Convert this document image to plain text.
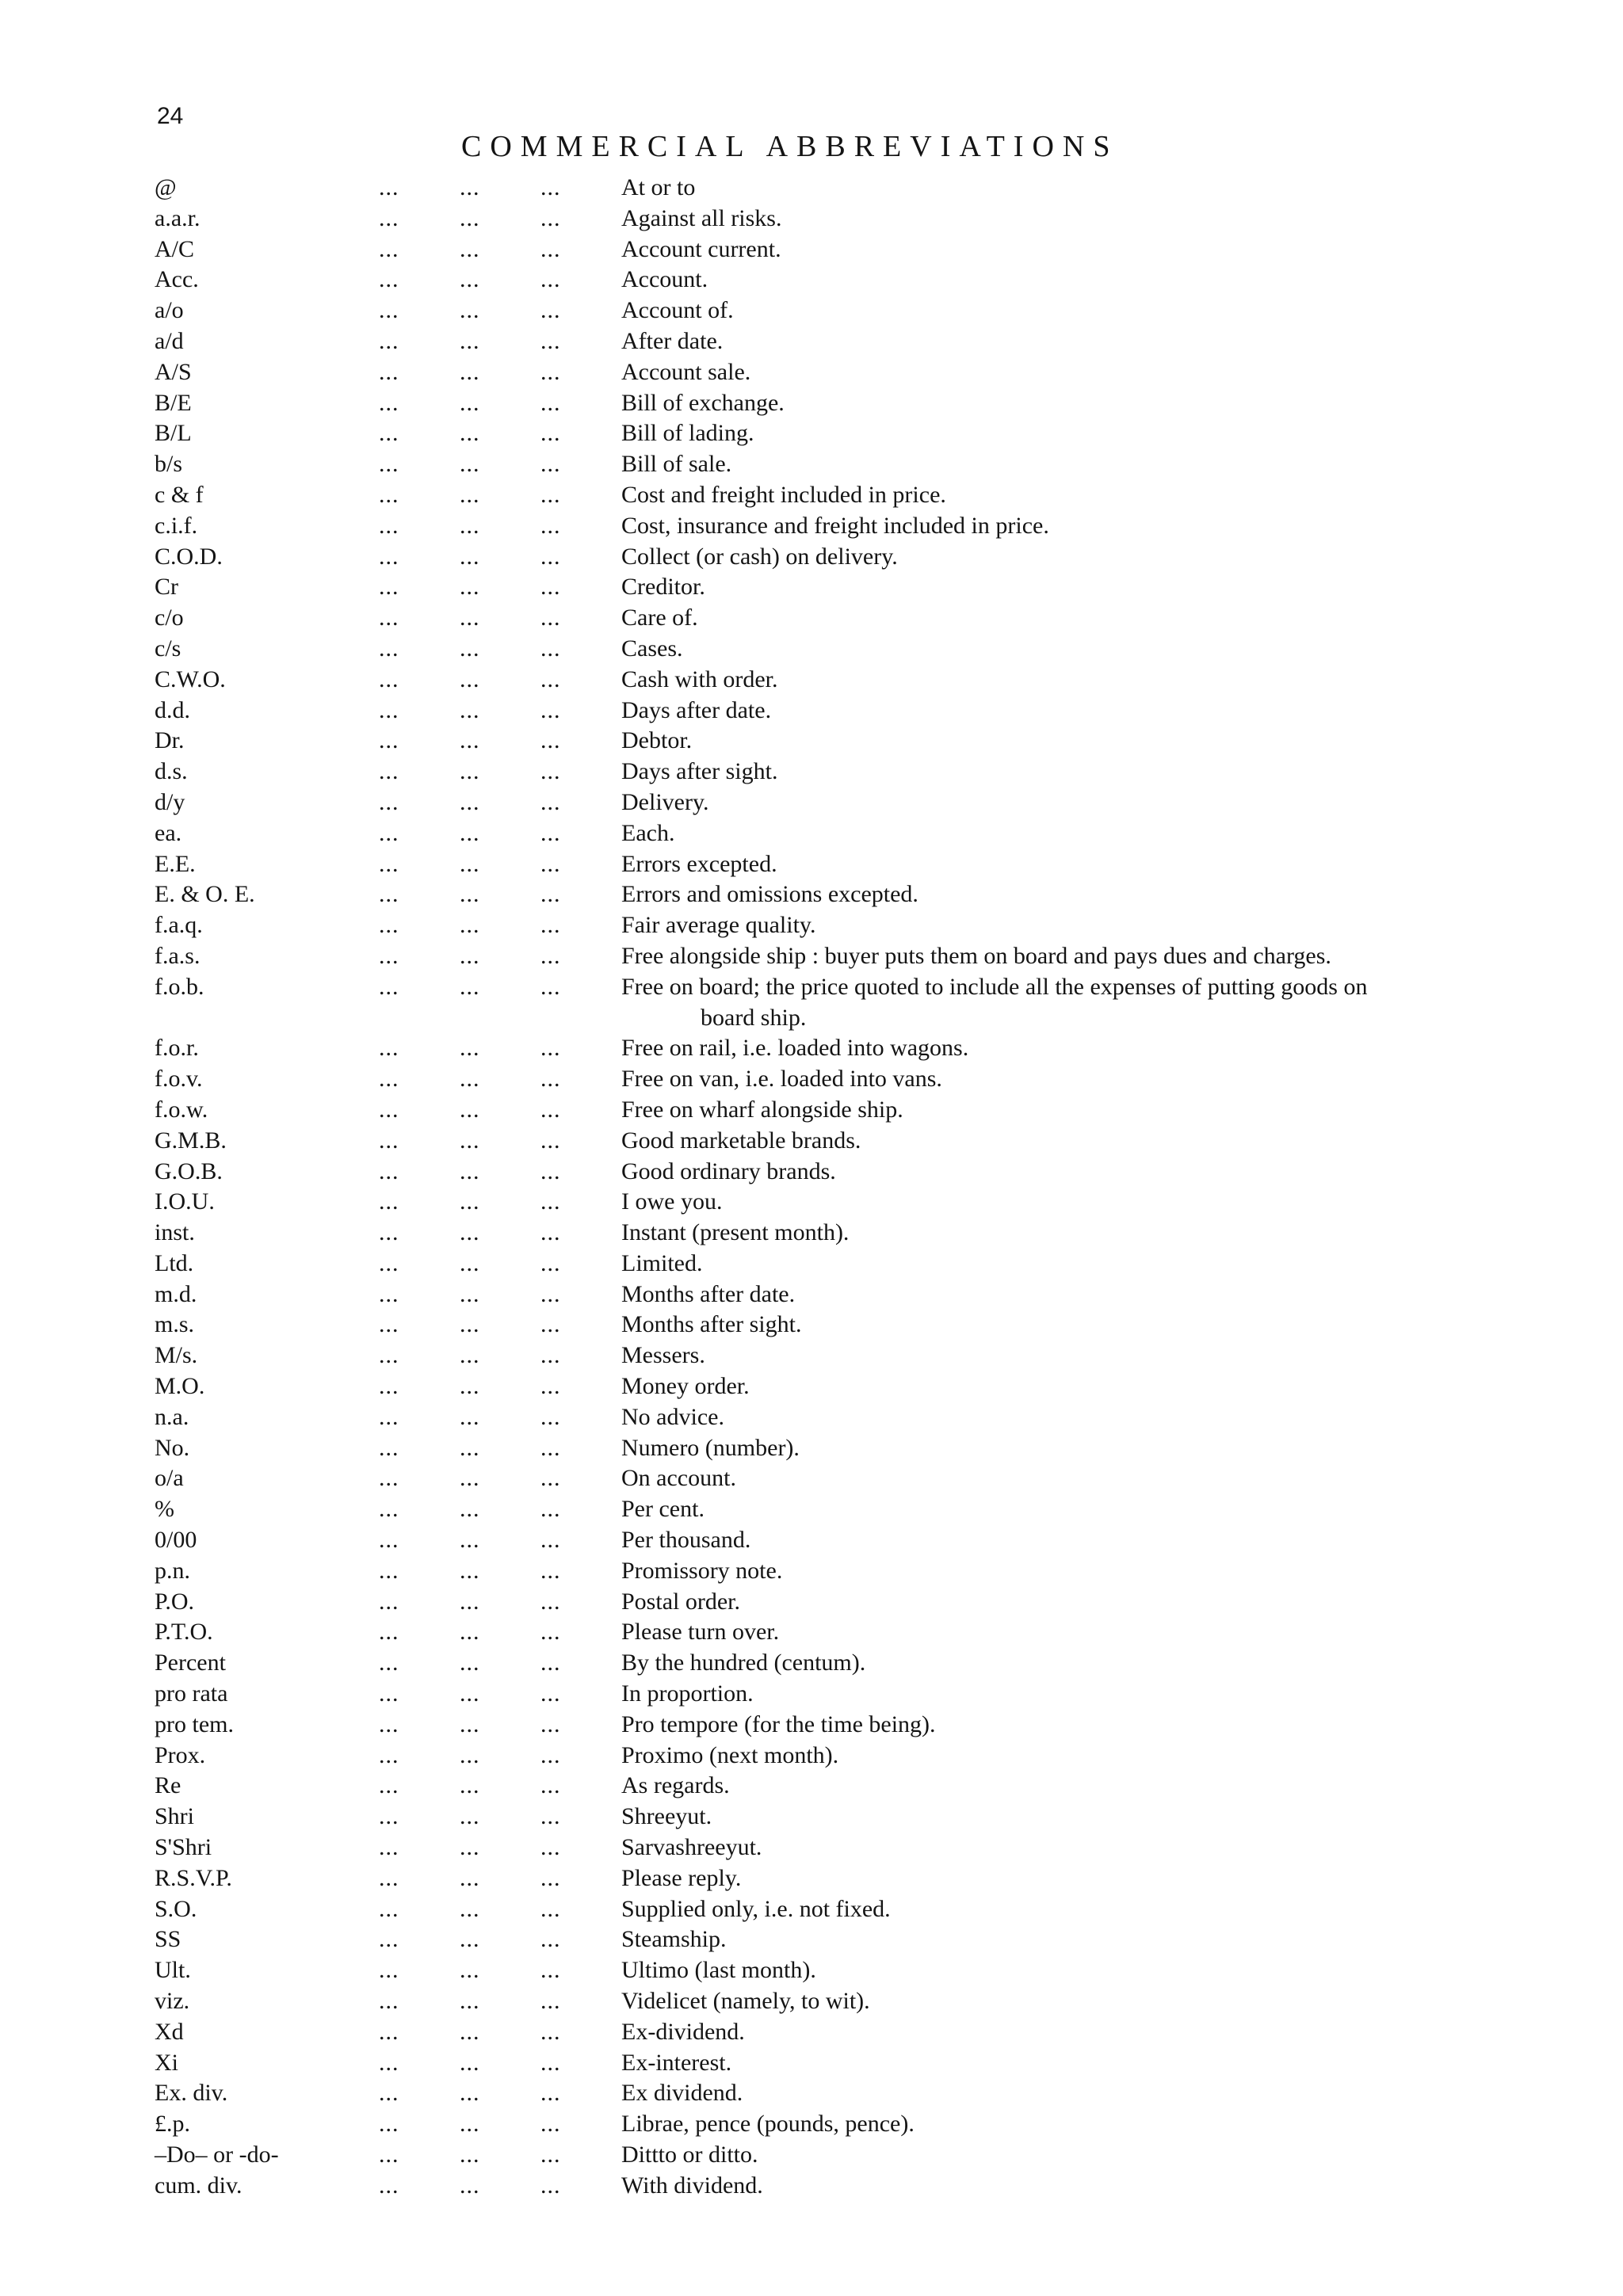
24
COMMERCIAL ABBREVIATIONS
@	...	...	...	At or to
a.a.r.	...	...	...	Against all risks.
A/C	...	...	...	Account current.
Acc.	...	...	...	Account.
a/o	...	...	...	Account of.
a/d	...	...	...	After date.
A/S	...	...	...	Account sale.
B/E	...	...	...	Bill of exchange.
B/L	...	...	...	Bill of lading.
b/s	...	...	...	Bill of sale.
c & f	...	...	...	Cost and freight included in price.
c.i.f.	...	...	...	Cost, insurance and freight included in price.
C.O.D.	...	...	...	Collect (or cash) on delivery.
Cr	...	...	...	Creditor.
c/o	...	...	...	Care of.
c/s	...	...	...	Cases.
C.W.O.	...	...	...	Cash with order.
d.d.	...	...	...	Days after date.
Dr.	...	...	...	Debtor.
d.s.	...	...	...	Days after sight.
d/y	...	...	...	Delivery.
ea.	...	...	...	Each.
E.E.	...	...	...	Errors excepted.
E. & O. E.	...	...	...	Errors and omissions excepted.
f.a.q.	...	...	...	Fair average quality.
f.a.s.	...	...	...	Free alongside ship : buyer puts them on board and pays dues and charges.
f.o.b.	...	...	...	Free on board; the price quoted to include all the expenses of putting goods on
board ship.
f.o.r.	...	...	...	Free on rail, i.e. loaded into wagons.
f.o.v.	...	...	...	Free on van, i.e. loaded into vans.
f.o.w.	...	...	...	Free on wharf alongside ship.
G.M.B.	...	...	...	Good marketable brands.
G.O.B.	...	...	...	Good ordinary brands.
I.O.U.	...	...	...	I owe you.
inst.	...	...	...	Instant (present month).
Ltd.	...	...	...	Limited.
m.d.	...	...	...	Months after date.
m.s.	...	...	...	Months after sight.
M/s.	...	...	...	Messers.
M.O.	...	...	...	Money order.
n.a.	...	...	...	No advice.
No.	...	...	...	Numero (number).
o/a	...	...	...	On account.
%	...	...	...	Per cent.
0/00	...	...	...	Per thousand.
p.n.	...	...	...	Promissory note.
P.O.	...	...	...	Postal order.
P.T.O.	...	...	...	Please turn over.
Percent	...	...	...	By the hundred (centum).
pro rata	...	...	...	In proportion.
pro tem.	...	...	...	Pro tempore (for the time being).
Prox.	...	...	...	Proximo (next month).
Re	...	...	...	As regards.
Shri	...	...	...	Shreeyut.
S'Shri	...	...	...	Sarvashreeyut.
R.S.V.P.	...	...	...	Please reply.
S.O.	...	...	...	Supplied only, i.e. not fixed.
SS	...	...	...	Steamship.
Ult.	...	...	...	Ultimo (last month).
viz.	...	...	...	Videlicet (namely, to wit).
Xd	...	...	...	Ex-dividend.
Xi	...	...	...	Ex-interest.
Ex. div.	...	...	...	Ex dividend.
£.p.	...	...	...	Librae, pence (pounds, pence).
–Do– or -do-	...	...	...	Dittto or ditto.
cum. div.	...	...	...	With dividend.
